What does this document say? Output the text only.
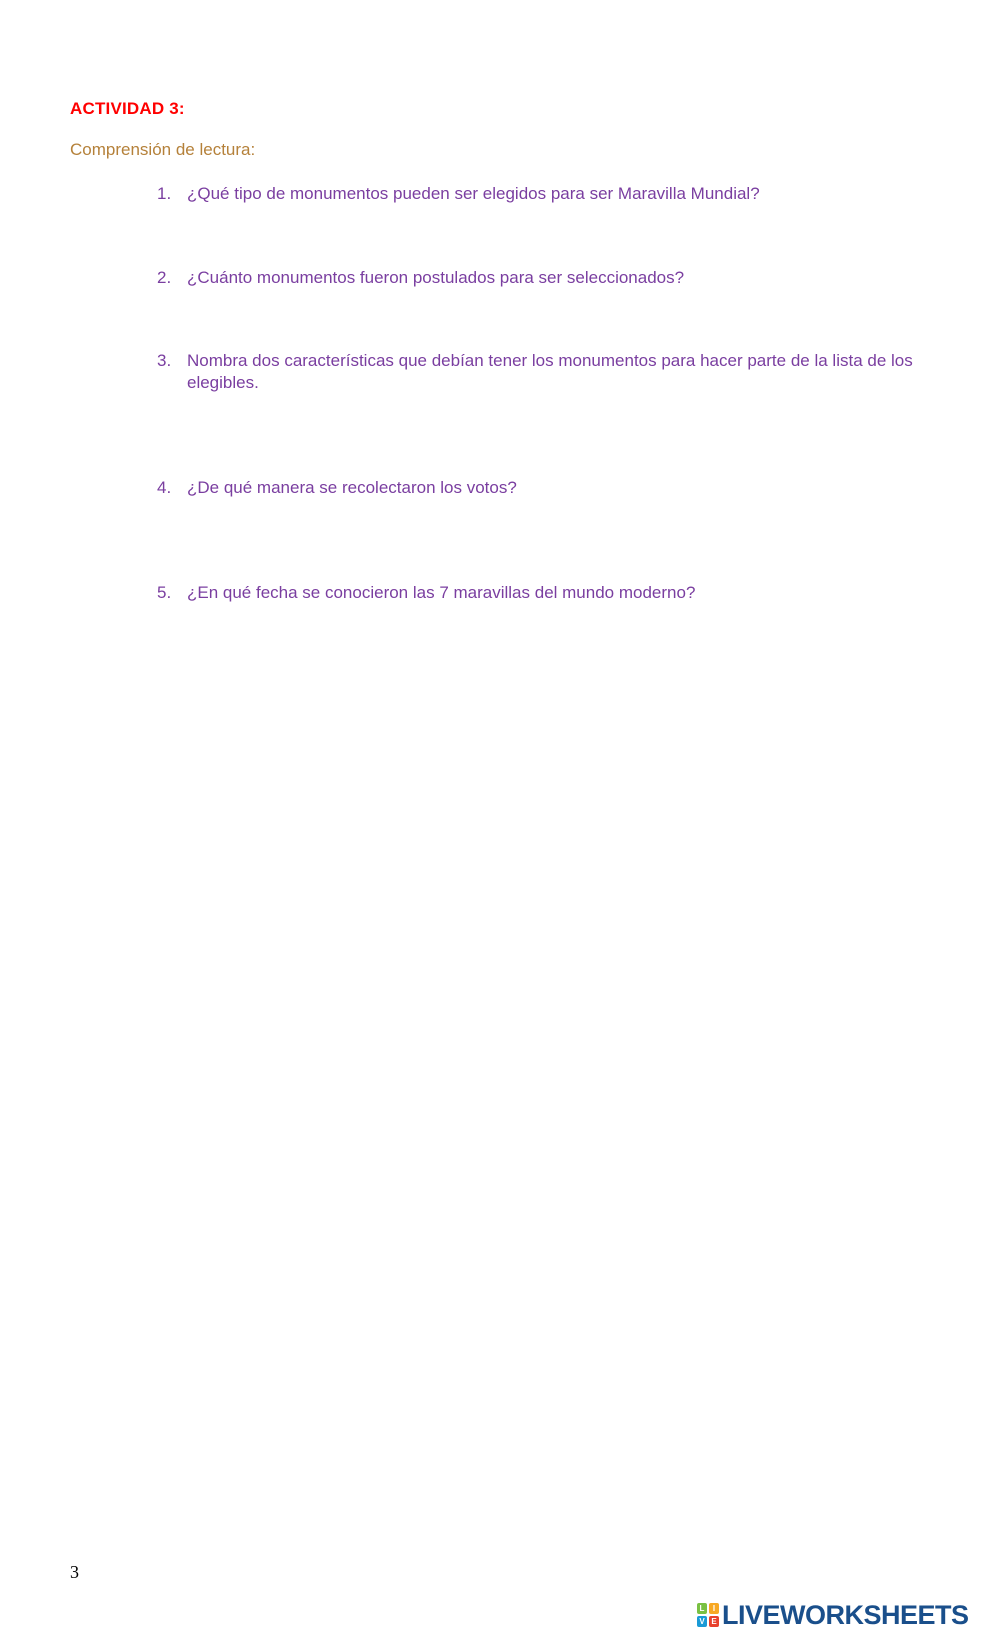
ACTIVIDAD 3:
Comprensión de lectura:
1. ¿Qué tipo de monumentos pueden ser elegidos para ser Maravilla Mundial?
2. ¿Cuánto monumentos fueron postulados para ser seleccionados?
3. Nombra dos características que debían tener los monumentos para hacer parte de la lista de los elegibles.
4. ¿De qué manera se recolectaron los votos?
5. ¿En qué fecha se conocieron las 7 maravillas del mundo moderno?
3
L	I
V E LIVEWORKSHEETS
